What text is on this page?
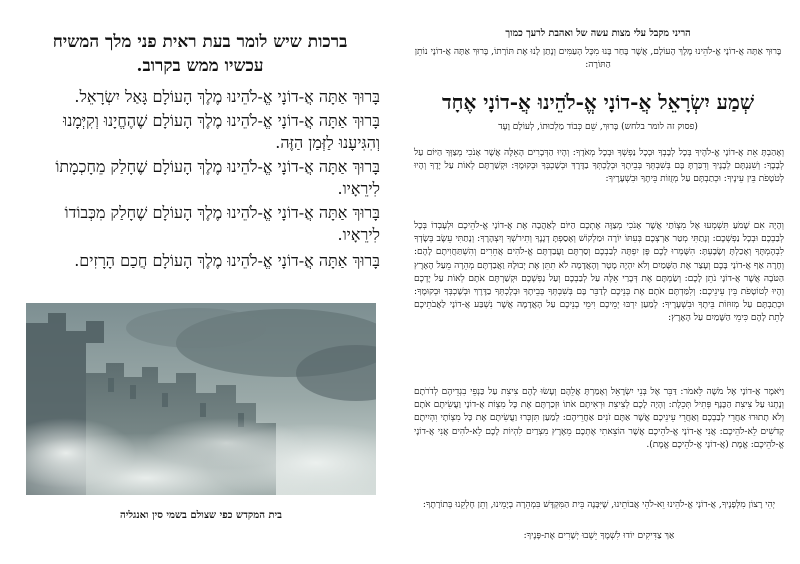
ברכות שיש לומר בעת ראית פני מלך המשיח
עכשיו ממש בקרוב.
בָּרוּךְ אַתָּה אֲ-דוֹנָי אֱ-לֹהֵינוּ מֶלֶךְ הָעוֹלָם גָּאַל יִשְׂרָאֵל.
בָּרוּךְ אַתָּה אֲ-דוֹנָי אֱ-לֹהֵינוּ מֶלֶךְ הָעוֹלָם שֶׁהֶחֱיָנוּ וְקִיְּמָנוּ וְהִגִּיעָנוּ לַזְּמַן הַזֶּה.
בָּרוּךְ אַתָּה אֲ-דוֹנָי אֱ-לֹהֵינוּ מֶלֶךְ הָעוֹלָם שֶׁחָלַק מֵחָכְמָתוֹ לִירֵאָיו.
בָּרוּךְ אַתָּה אֲ-דוֹנָי אֱ-לֹהֵינוּ מֶלֶךְ הָעוֹלָם שֶׁחָלַק מִכְּבוֹדוֹ לִירֵאָיו.
בָּרוּךְ אַתָּה אֲ-דוֹנָי אֱ-לֹהֵינוּ מֶלֶךְ הָעוֹלָם חֲכַם הָרָזִים.
בית המקדש כפי שצולם בשמי סין ואנגליה
הריני מקבל עלי מצות עשה של ואהבת לרעך כמוך
בָּרוּךְ אַתָּה אֲ-דוֹנָי אֱ-לֹהֵינוּ מֶלֶךְ הָעוֹלָם, אֲשֶׁר בָּחַר בָּנוּ מִכָּל הָעַמִּים וְנָתַן לָנוּ אֶת תּוֹרָתוֹ, בָּרוּךְ אַתָּה אֲ-דוֹנָי נוֹתֵן הַתּוֹרָה:
שְׁמַע יִשְׂרָאֵל אֲ-דוֹנָי אֱ-לֹהֵינוּ אֲ-דוֹנָי אֶחָד
(פסוק זה לומר בלחש) בָּרוּךְ, שֵׁם כְּבוֹד מַלְכוּתוֹ, לְעוֹלָם וָעֶד
וְאָהַבְתָּ אֵת אֲ-דוֹנָי אֱ-לֹהֶיךָ בְּכָל לְבָבְךָ וּבְכָל נַפְשְׁךָ וּבְכָל מְאֹדֶךָ: וְהָיוּ הַדְּבָרִים הָאֵלֶּה אֲשֶׁר אָנֹכִי מְצַוְּךָ הַיּוֹם עַל לְבָבֶךָ: וְשִׁנַּנְתָּם לְבָנֶיךָ וְדִבַּרְתָּ בָּם בְּשִׁבְתְּךָ בְּבֵיתֶךָ וּבְלֶכְתְּךָ בַדֶּרֶךְ וּבְשָׁכְבְּךָ וּבְקוּמֶךָ: וּקְשַׁרְתָּם לְאוֹת עַל יָדֶךָ וְהָיוּ לְטֹטָפֹת בֵּין עֵינֶיךָ: וּכְתַבְתָּם עַל מְזֻזוֹת בֵּיתֶךָ וּבִשְׁעָרֶיךָ:
וְהָיָה אִם שָׁמֹעַ תִּשְׁמְעוּ אֶל מִצְוֹתַי אֲשֶׁר אָנֹכִי מְצַוֶּה אֶתְכֶם הַיּוֹם לְאַהֲבָה אֶת אֲ-דוֹנָי אֱ-לֹהֵיכֶם וּלְעָבְדוֹ בְּכָל לְבַבְכֶם וּבְכָל נַפְשְׁכֶם: וְנָתַתִּי מְטַר אַרְצְכֶם בְּעִתּוֹ יוֹרֶה וּמַלְקוֹשׁ וְאָסַפְתָּ דְגָנֶךָ וְתִירֹשְׁךָ וְיִצְהָרֶךָ: וְנָתַתִּי עֵשֶׂב בְּשָׂדְךָ לִבְהֶמְתֶּךָ וְאָכַלְתָּ וְשָׂבָעְתָּ: הִשָּׁמְרוּ לָכֶם פֶּן יִפְתֶּה לְבַבְכֶם וְסַרְתֶּם וַעֲבַדְתֶּם אֱ-לֹהִים אֲחֵרִים וְהִשְׁתַּחֲוִיתֶם לָהֶם: וְחָרָה אַף אֲ-דוֹנָי בָּכֶם וְעָצַר אֶת הַשָּׁמַיִם וְלֹא יִהְיֶה מָטָר וְהָאֲדָמָה לֹא תִתֵּן אֶת יְבוּלָהּ וַאֲבַדְתֶּם מְהֵרָה מֵעַל הָאָרֶץ הַטֹּבָה אֲשֶׁר אֲ-דוֹנָי נֹתֵן לָכֶם: וְשַׂמְתֶּם אֶת דְּבָרַי אֵלֶּה עַל לְבַבְכֶם וְעַל נַפְשְׁכֶם וּקְשַׁרְתֶּם אֹתָם לְאוֹת עַל יֶדְכֶם וְהָיוּ לְטוֹטָפֹת בֵּין עֵינֵיכֶם: וְלִמַּדְתֶּם אֹתָם אֶת בְּנֵיכֶם לְדַבֵּר בָּם בְּשִׁבְתְּךָ בְּבֵיתֶךָ וּבְלֶכְתְּךָ בַדֶּרֶךְ וּבְשָׁכְבְּךָ וּבְקוּמֶךָ: וּכְתַבְתָּם עַל מְזוּזוֹת בֵּיתֶךָ וּבִשְׁעָרֶיךָ: לְמַעַן יִרְבּוּ יְמֵיכֶם וִימֵי בְנֵיכֶם עַל הָאֲדָמָה אֲשֶׁר נִשְׁבַּע אֲ-דוֹנָי לַאֲבֹתֵיכֶם לָתֵת לָהֶם כִּימֵי הַשָּׁמַיִם עַל הָאָרֶץ:
וַיֹּאמֶר אֲ-דוֹנָי אֶל מֹשֶׁה לֵּאמֹר: דַּבֵּר אֶל בְּנֵי יִשְׂרָאֵל וְאָמַרְתָּ אֲלֵהֶם וְעָשׂוּ לָהֶם צִיצִת עַל כַּנְפֵי בִגְדֵיהֶם לְדֹרֹתָם וְנָתְנוּ עַל צִיצִת הַכָּנָף פְּתִיל תְּכֵלֶת: וְהָיָה לָכֶם לְצִיצִת וּרְאִיתֶם אֹתוֹ וּזְכַרְתֶּם אֶת כָּל מִצְוֹת אֲ-דוֹנָי וַעֲשִׂיתֶם אֹתָם וְלֹא תָתוּרוּ אַחֲרֵי לְבַבְכֶם וְאַחֲרֵי עֵינֵיכֶם אֲשֶׁר אַתֶּם זֹנִים אַחֲרֵיהֶם: לְמַעַן תִּזְכְּרוּ וַעֲשִׂיתֶם אֶת כָּל מִצְוֹתָי וִהְיִיתֶם קְדֹשִׁים לֵא-לֹהֵיכֶם: אֲנִי אֲ-דוֹנָי אֱ-לֹהֵיכֶם אֲשֶׁר הוֹצֵאתִי אֶתְכֶם מֵאֶרֶץ מִצְרַיִם לִהְיוֹת לָכֶם לֵא-לֹהִים אֲנִי אֲ-דוֹנָי אֱ-לֹהֵיכֶם: אֱמֶת (אֲ-דוֹנָי אֱ-לֹהֵיכֶם אֱמֶת).
יְהִי רָצוֹן מִלְּפָנֶיךָ, אֲ-דוֹנָי אֱ-לֹהֵינוּ וֵא-לֹהֵי אֲבוֹתֵינוּ, שֶׁיִּבָּנֶה בֵּית הַמִּקְדָּשׁ בִּמְהֵרָה בְיָמֵינוּ, וְתֵן חֶלְקֵנוּ בְּתוֹרָתֶךָ:
אַךְ צַדִּיקִים יוֹדוּ לִשְׁמֶךָ יֵשְׁבוּ יְשָׁרִים אֶת-פָּנֶיךָ:
